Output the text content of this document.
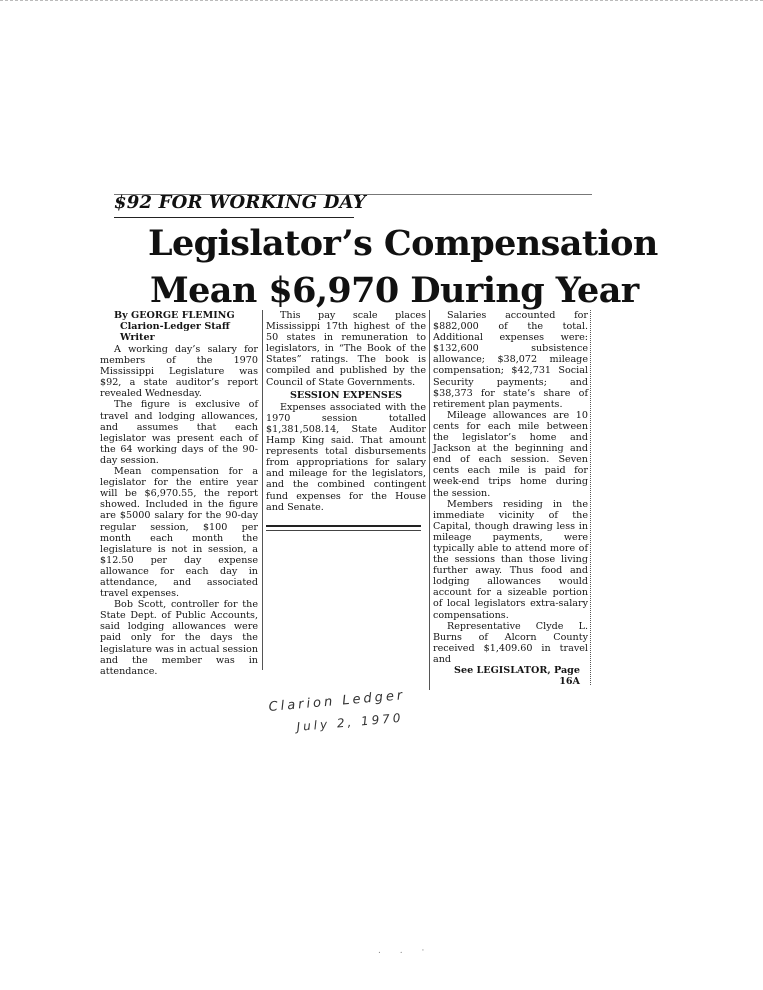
$92 FOR WORKING DAY
Legislator’s Compensation
Mean $6,970 During Year
By GEORGE FLEMING
Clarion-Ledger Staff Writer

A working day’s salary for members of the 1970 Mississippi Legislature was $92, a state auditor’s report revealed Wednesday.

The figure is exclusive of travel and lodging allowances, and assumes that each legislator was present each of the 64 working days of the 90-day session.

Mean compensation for a legislator for the entire year will be $6,970.55, the report showed. Included in the figure are $5000 salary for the 90-day regular session, $100 per month each month the legislature is not in session, a $12.50 per day expense allowance for each day in attendance, and associated travel expenses.

Bob Scott, controller for the State Dept. of Public Accounts, said lodging allowances were paid only for the days the legislature was in actual session and the member was in attendance.

This pay scale places Mississippi 17th highest of the 50 states in remuneration to legislators, in “The Book of the States” ratings. The book is compiled and published by the Council of State Governments.

SESSION EXPENSES

Expenses associated with the 1970 session totalled $1,381,508.14, State Auditor Hamp King said. That amount represents total disbursements from appropriations for salary and mileage for the legislators, and the combined contingent fund expenses for the House and Senate.

Salaries accounted for $882,000 of the total. Additional expenses were: $132,600 subsistence allowance; $38,072 mileage compensation; $42,731 Social Security payments; and $38,373 for state’s share of retirement plan payments.

Mileage allowances are 10 cents for each mile between the legislator’s home and Jackson at the beginning and end of each session. Seven cents each mile is paid for week-end trips home during the session.

Members residing in the immediate vicinity of the Capital, though drawing less in mileage payments, were typically able to attend more of the sessions than those living further away. Thus food and lodging allowances would account for a sizeable portion of local legislators extra-salary compensations.

Representative Clyde L. Burns of Alcorn County received $1,409.60 in travel and

See LEGISLATOR, Page 16A
Clarion Ledger
July 2, 1970
. . ·
